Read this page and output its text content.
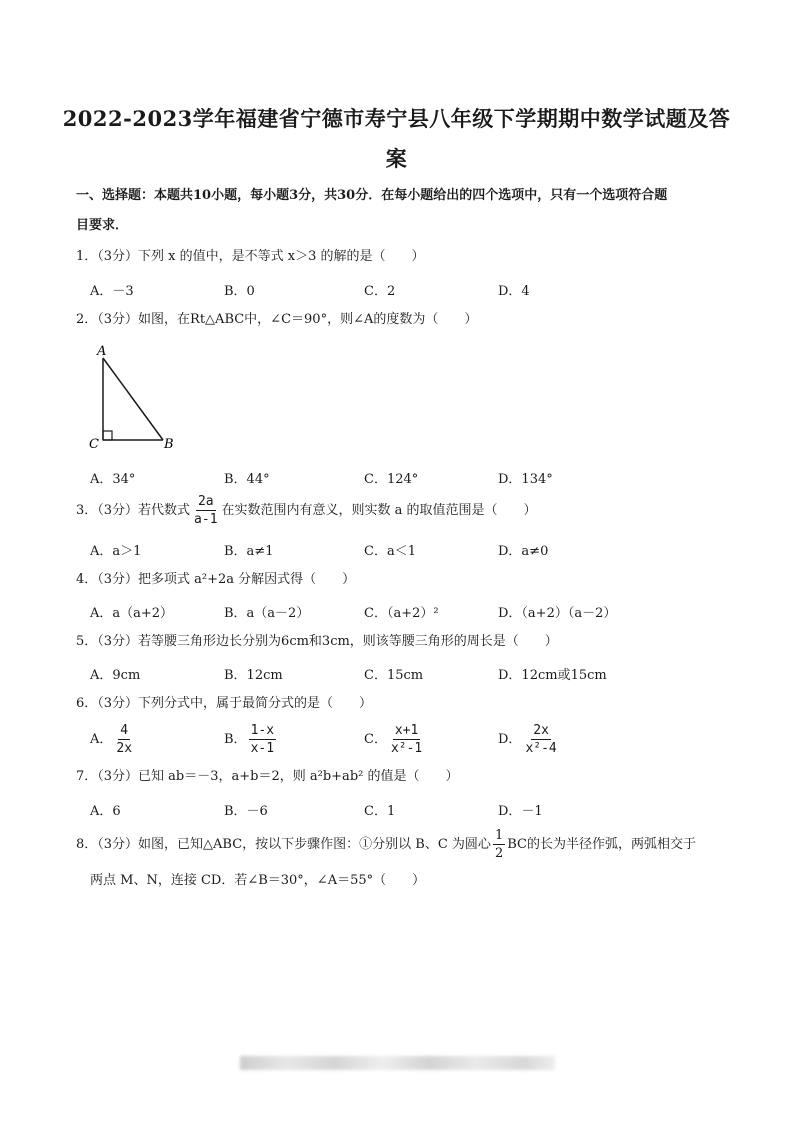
2022-2023学年福建省宁德市寿宁县八年级下学期期中数学试题及答
案
一、选择题：本题共10小题，每小题3分，共30分．在每小题给出的四个选项中，只有一个选项符合题
目要求．
1．（3分）下列 x 的值中，是不等式 x＞3 的解的是（　　）
A．－3	B．0	C．2	D．4
2．（3分）如图，在Rt△ABC中，∠C＝90°，则∠A的度数为（　　）
A
C	B
A．34°	B．44°	C．124°	D．134°
3．（3分）若代数式 $\frac{2a}{a-1}$ 在实数范围内有意义，则实数 a 的取值范围是（　　）
A．a＞1	B．a≠1	C．a＜1	D．a≠0
4．（3分）把多项式 a²+2a 分解因式得（　　）
A．a（a+2）	B．a（a－2）	C．（a+2）²	D．（a+2）（a－2）
5．（3分）若等腰三角形边长分别为6cm和3cm，则该等腰三角形的周长是（　　）
A．9cm	B．12cm	C．15cm	D．12cm或15cm
6．（3分）下列分式中，属于最简分式的是（　　）
A． $\frac{4}{2x}$	B． $\frac{1-x}{x-1}$	C． $\frac{x+1}{\text{x²-1}}$	D． $\frac{2x}{\text{x²-4}}$
7．（3分）已知 ab＝－3，a+b＝2，则 a²b+ab² 的值是（　　）
A．6	B．－6	C．1	D．－1
8．（3分）如图，已知△ABC，按以下步骤作图：①分别以 B、C 为圆心 $\frac{1}{2}$ BC的长为半径作弧，两弧相交于
两点 M、N，连接 CD．若∠B＝30°，∠A＝55°（　　）
